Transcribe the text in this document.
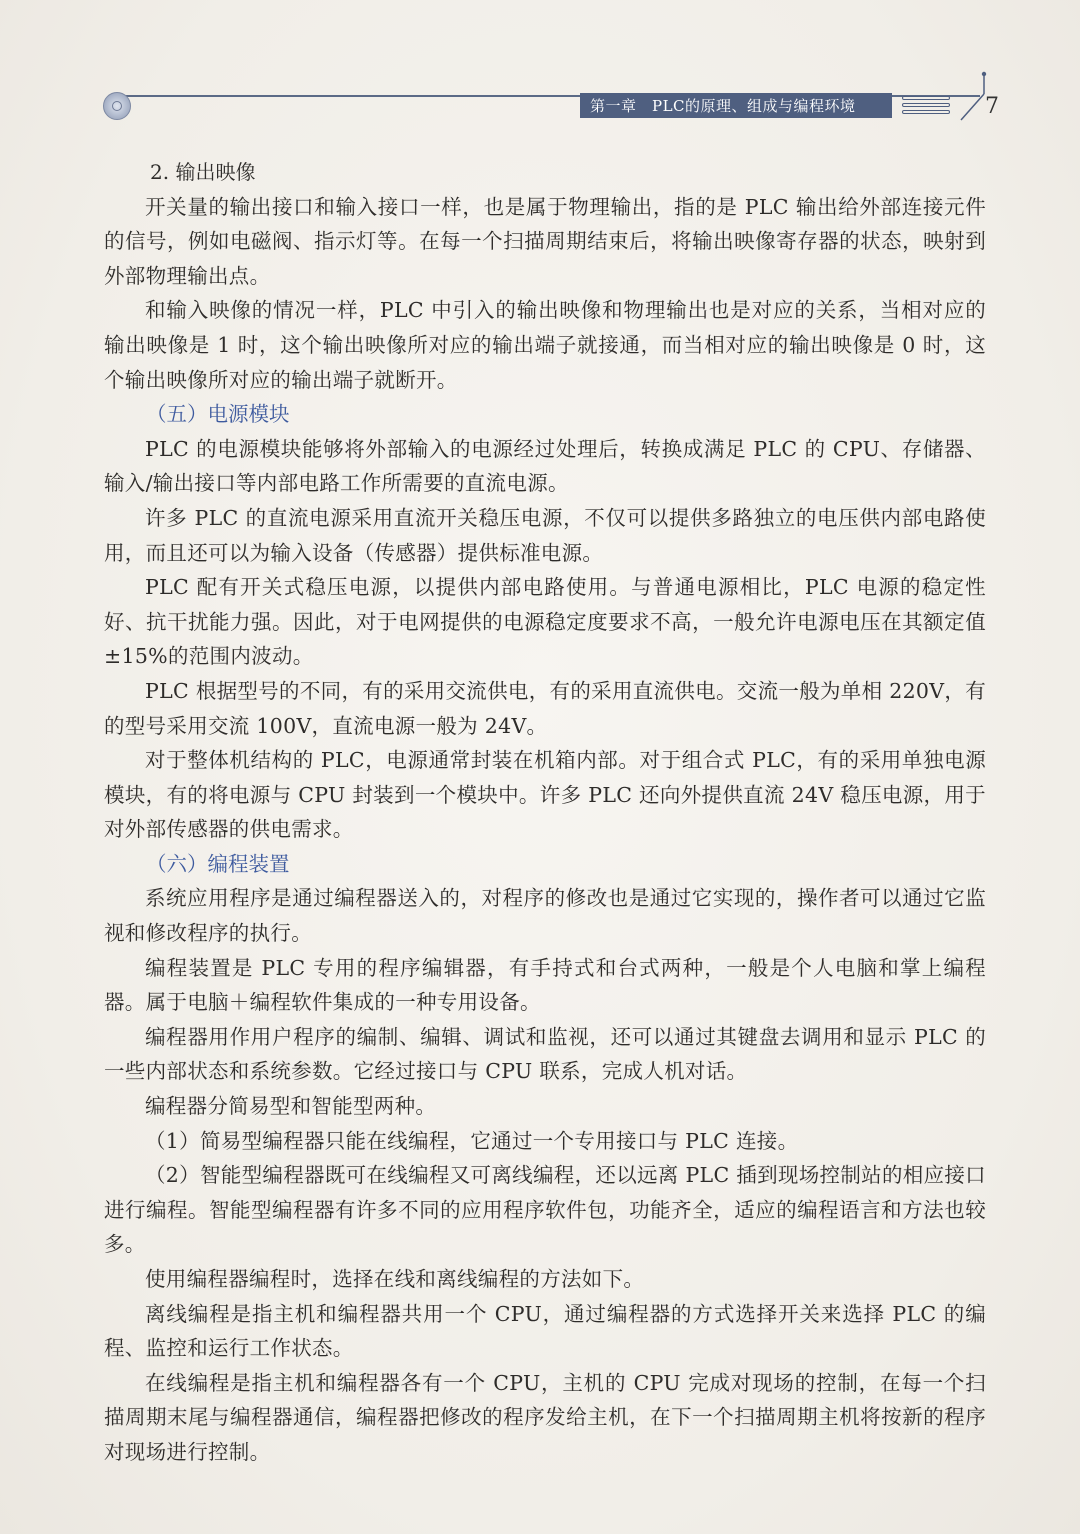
第一章　PLC的原理、组成与编程环境	7

2. 输出映像

开关量的输出接口和输入接口一样，也是属于物理输出，指的是 PLC 输出给外部连接元件的信号，例如电磁阀、指示灯等。在每一个扫描周期结束后，将输出映像寄存器的状态，映射到外部物理输出点。

和输入映像的情况一样，PLC 中引入的输出映像和物理输出也是对应的关系，当相对应的输出映像是 1 时，这个输出映像所对应的输出端子就接通，而当相对应的输出映像是 0 时，这个输出映像所对应的输出端子就断开。

（五）电源模块

PLC 的电源模块能够将外部输入的电源经过处理后，转换成满足 PLC 的 CPU、存储器、输入/输出接口等内部电路工作所需要的直流电源。

许多 PLC 的直流电源采用直流开关稳压电源，不仅可以提供多路独立的电压供内部电路使用，而且还可以为输入设备（传感器）提供标准电源。

PLC 配有开关式稳压电源，以提供内部电路使用。与普通电源相比，PLC 电源的稳定性好、抗干扰能力强。因此，对于电网提供的电源稳定度要求不高，一般允许电源电压在其额定值±15%的范围内波动。

PLC 根据型号的不同，有的采用交流供电，有的采用直流供电。交流一般为单相 220V，有的型号采用交流 100V，直流电源一般为 24V。

对于整体机结构的 PLC，电源通常封装在机箱内部。对于组合式 PLC，有的采用单独电源模块，有的将电源与 CPU 封装到一个模块中。许多 PLC 还向外提供直流 24V 稳压电源，用于对外部传感器的供电需求。

（六）编程装置

系统应用程序是通过编程器送入的，对程序的修改也是通过它实现的，操作者可以通过它监视和修改程序的执行。

编程装置是 PLC 专用的程序编辑器，有手持式和台式两种，一般是个人电脑和掌上编程器。属于电脑＋编程软件集成的一种专用设备。

编程器用作用户程序的编制、编辑、调试和监视，还可以通过其键盘去调用和显示 PLC 的一些内部状态和系统参数。它经过接口与 CPU 联系，完成人机对话。

编程器分简易型和智能型两种。

（1）简易型编程器只能在线编程，它通过一个专用接口与 PLC 连接。

（2）智能型编程器既可在线编程又可离线编程，还以远离 PLC 插到现场控制站的相应接口进行编程。智能型编程器有许多不同的应用程序软件包，功能齐全，适应的编程语言和方法也较多。

使用编程器编程时，选择在线和离线编程的方法如下。

离线编程是指主机和编程器共用一个 CPU，通过编程器的方式选择开关来选择 PLC 的编程、监控和运行工作状态。

在线编程是指主机和编程器各有一个 CPU，主机的 CPU 完成对现场的控制，在每一个扫描周期末尾与编程器通信，编程器把修改的程序发给主机，在下一个扫描周期主机将按新的程序对现场进行控制。
